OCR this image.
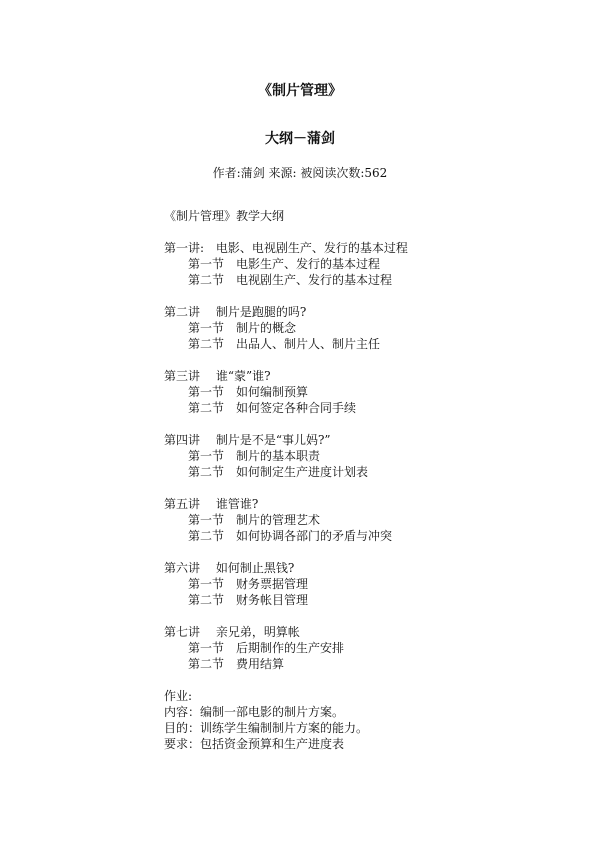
《制片管理》
大纲－蒲剑
作者:蒲剑 来源: 被阅读次数:562
《制片管理》教学大纲
第一讲: 电影、电视剧生产、发行的基本过程
第一节 电影生产、发行的基本过程
第二节 电视剧生产、发行的基本过程
第二讲 制片是跑腿的吗?
第一节 制片的概念
第二节 出品人、制片人、制片主任
第三讲 谁“蒙”谁?
第一节 如何编制预算
第二节 如何签定各种合同手续
第四讲 制片是不是“事儿妈?”
第一节 制片的基本职责
第二节 如何制定生产进度计划表
第五讲 谁管谁?
第一节 制片的管理艺术
第二节 如何协调各部门的矛盾与冲突
第六讲 如何制止黑钱?
第一节 财务票据管理
第二节 财务帐目管理
第七讲 亲兄弟，明算帐
第一节 后期制作的生产安排
第二节 费用结算
作业:
内容：编制一部电影的制片方案。
目的：训练学生编制制片方案的能力。
要求：包括资金预算和生产进度表
